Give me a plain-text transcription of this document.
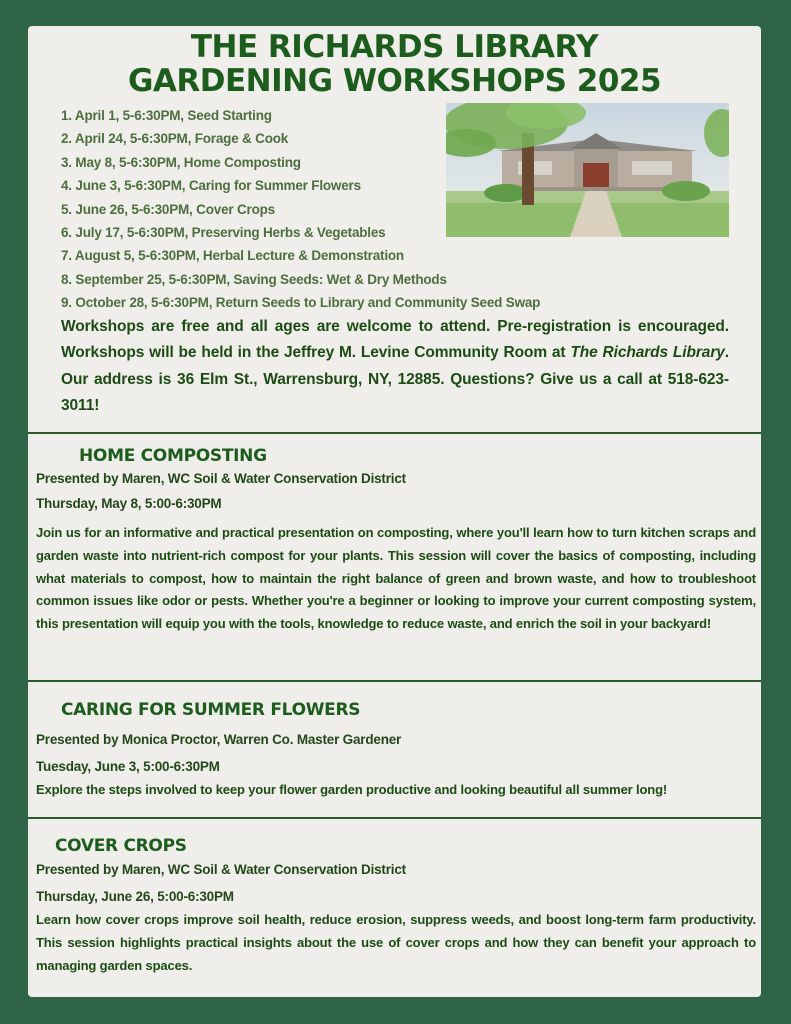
THE RICHARDS LIBRARY
GARDENING WORKSHOPS 2025
1. April 1, 5-6:30PM, Seed Starting
2. April 24, 5-6:30PM, Forage & Cook
3. May 8, 5-6:30PM, Home Composting
4. June 3, 5-6:30PM, Caring for Summer Flowers
5. June 26, 5-6:30PM, Cover Crops
6. July 17, 5-6:30PM, Preserving Herbs & Vegetables
7. August 5, 5-6:30PM, Herbal Lecture & Demonstration
8. September 25, 5-6:30PM, Saving Seeds: Wet & Dry Methods
9. October 28, 5-6:30PM, Return Seeds to Library and Community Seed Swap
Workshops are free and all ages are welcome to attend. Pre-registration is encouraged. Workshops will be held in the Jeffrey M. Levine Community Room at The Richards Library. Our address is 36 Elm St., Warrensburg, NY, 12885. Questions? Give us a call at 518-623-3011!
HOME COMPOSTING
Presented by Maren, WC Soil & Water Conservation District
Thursday, May 8, 5:00-6:30PM
Join us for an informative and practical presentation on composting, where you'll learn how to turn kitchen scraps and garden waste into nutrient-rich compost for your plants. This session will cover the basics of composting, including what materials to compost, how to maintain the right balance of green and brown waste, and how to troubleshoot common issues like odor or pests. Whether you're a beginner or looking to improve your current composting system, this presentation will equip you with the tools, knowledge to reduce waste, and enrich the soil in your backyard!
CARING FOR SUMMER FLOWERS
Presented by Monica Proctor, Warren Co. Master Gardener
Tuesday, June 3, 5:00-6:30PM
Explore the steps involved to keep your flower garden productive and looking beautiful all summer long!
COVER CROPS
Presented by Maren, WC Soil & Water Conservation District
Thursday, June 26, 5:00-6:30PM
Learn how cover crops improve soil health, reduce erosion, suppress weeds, and boost long-term farm productivity. This session highlights practical insights about the use of cover crops and how they can benefit your approach to managing garden spaces.
